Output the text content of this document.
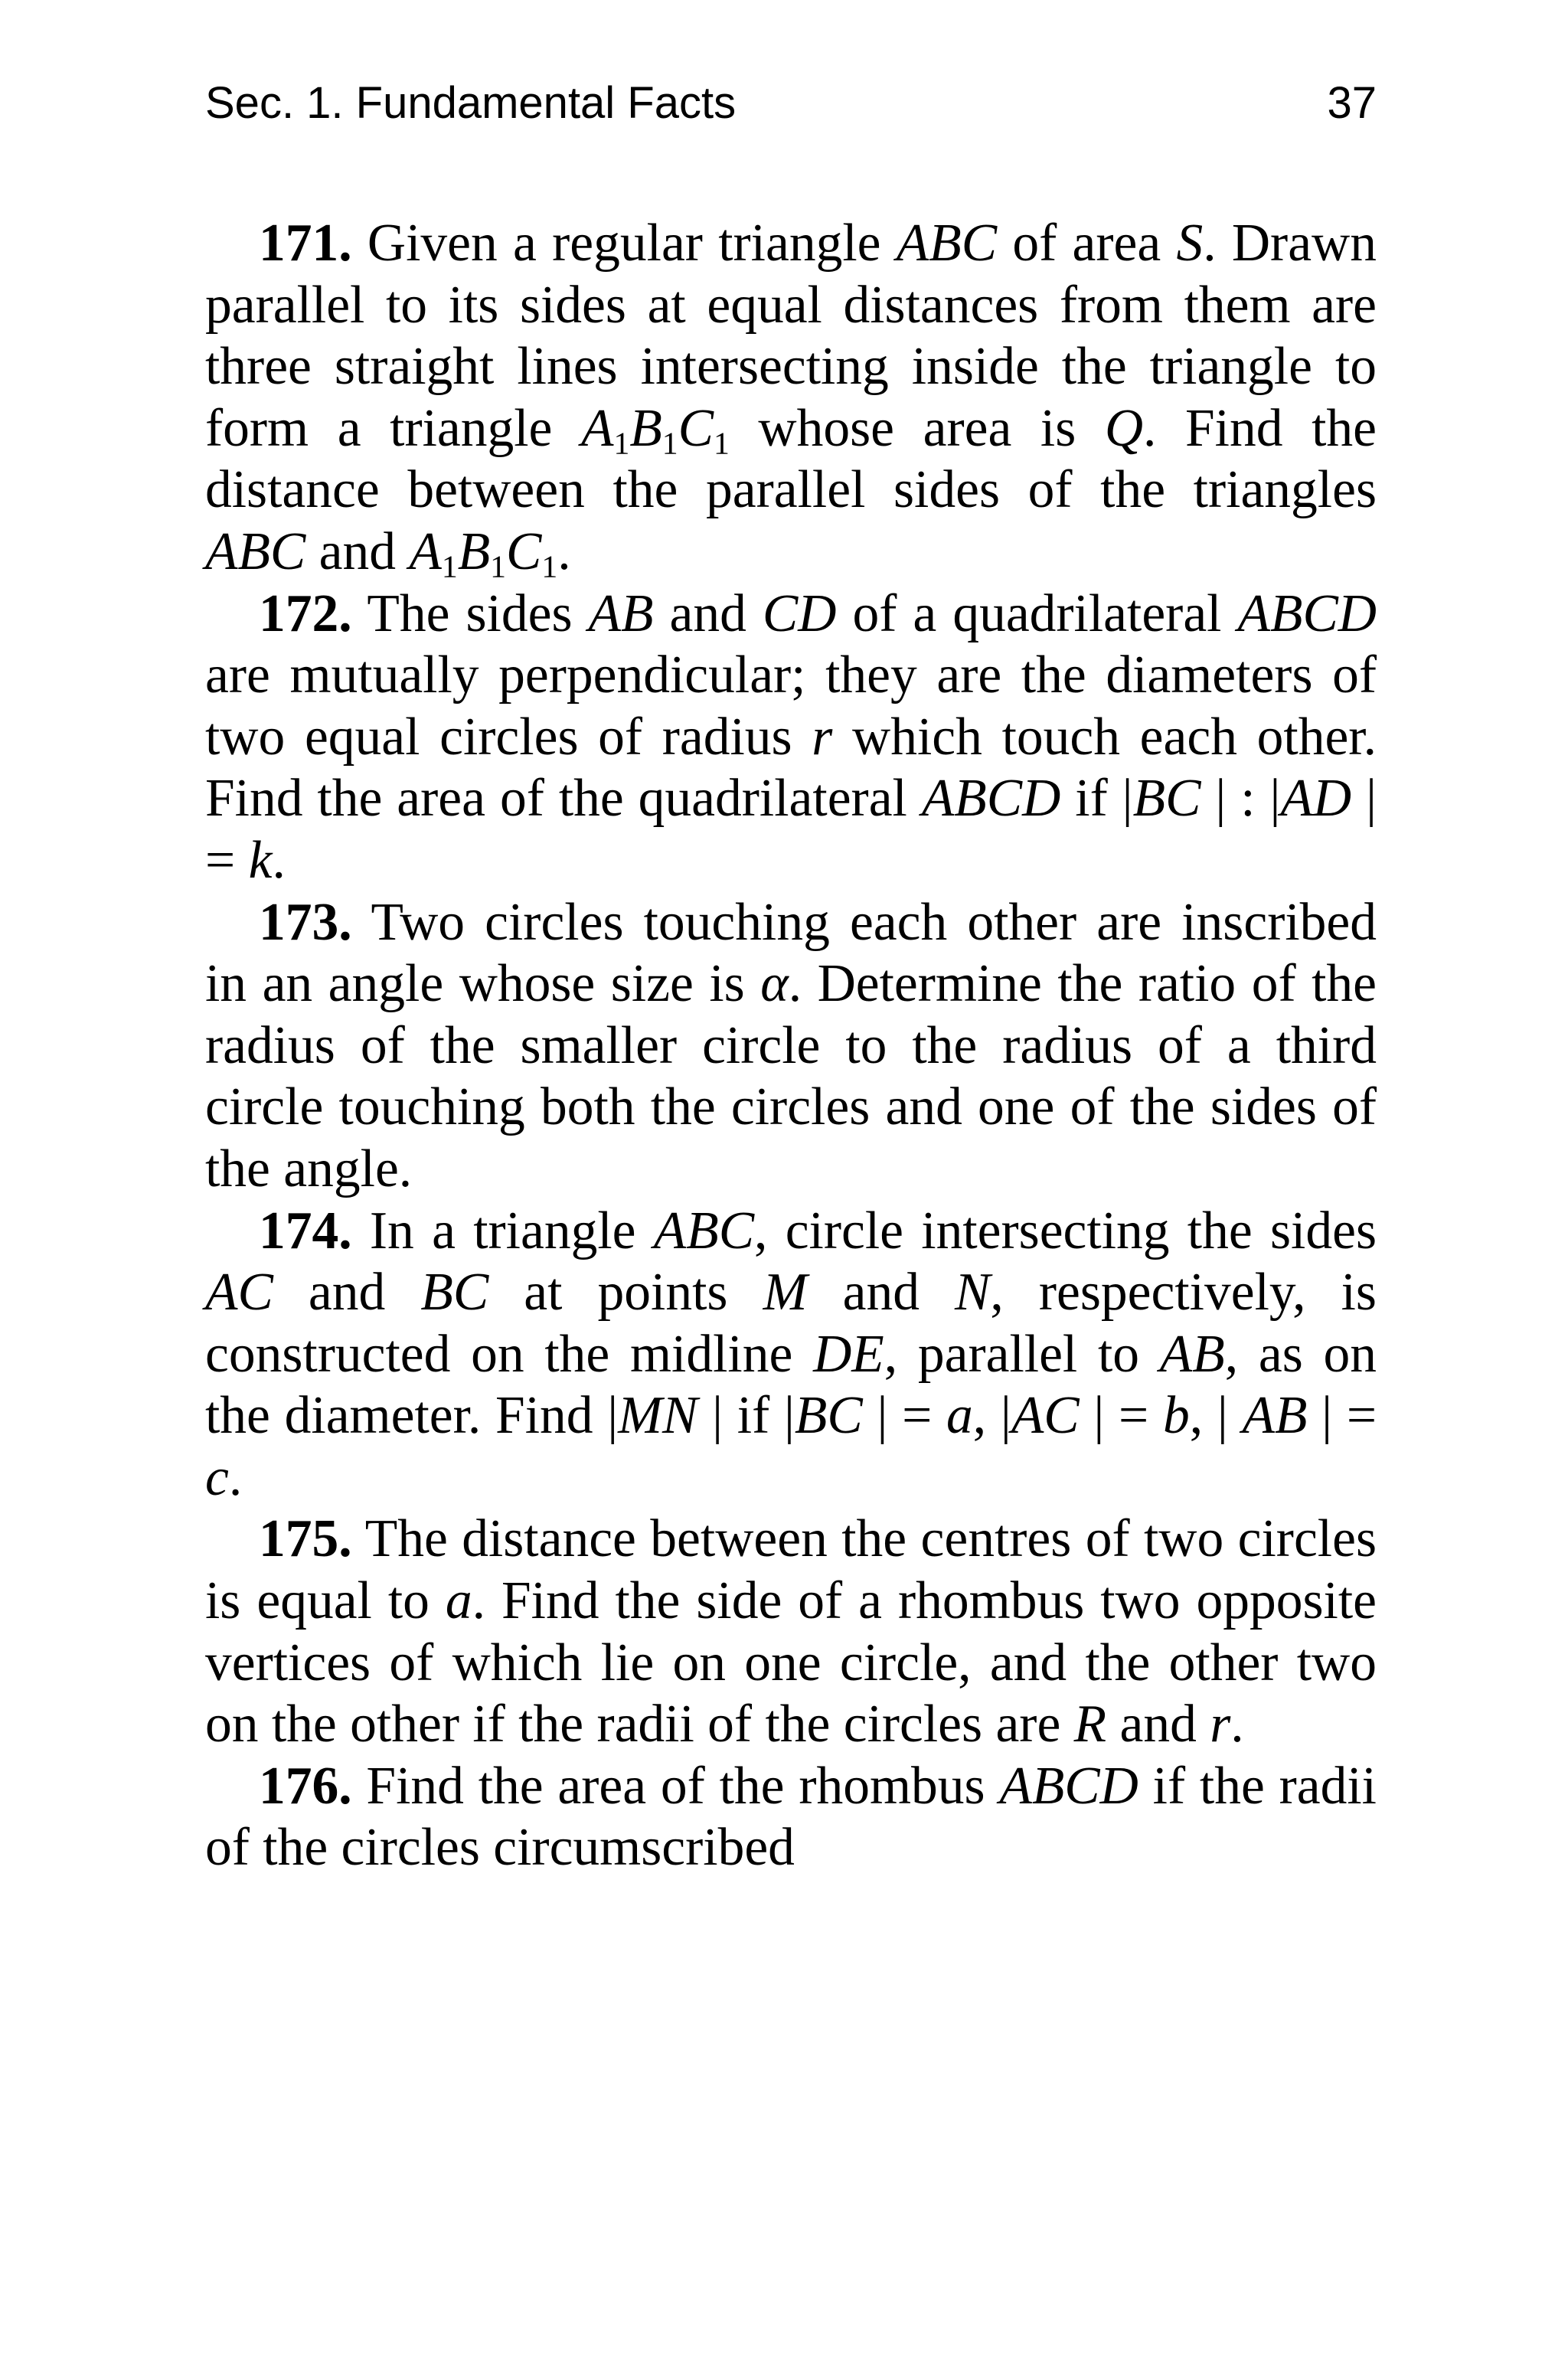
Sec. 1. Fundamental Facts	37

171. Given a regular triangle ABC of area S. Drawn parallel to its sides at equal distances from them are three straight lines intersecting inside the triangle to form a triangle $A_1B_1C_1$ whose area is Q. Find the distance between the parallel sides of the triangles ABC and $A_1B_1C_1$.

172. The sides AB and CD of a quadrilateral ABCD are mutually perpendicular; they are the diameters of two equal circles of radius r which touch each other. Find the area of the quadrilateral ABCD if |BC | : |AD | = k.

173. Two circles touching each other are inscribed in an angle whose size is α. Determine the ratio of the radius of the smaller circle to the radius of a third circle touching both the circles and one of the sides of the angle.

174. In a triangle ABC, circle intersecting the sides AC and BC at points M and N, respectively, is constructed on the midline DE, parallel to AB, as on the diameter. Find |MN | if |BC | = a, |AC | = b, | AB | = c.

175. The distance between the centres of two circles is equal to a. Find the side of a rhombus two opposite vertices of which lie on one circle, and the other two on the other if the radii of the circles are R and r.

176. Find the area of the rhombus ABCD if the radii of the circles circumscribed
